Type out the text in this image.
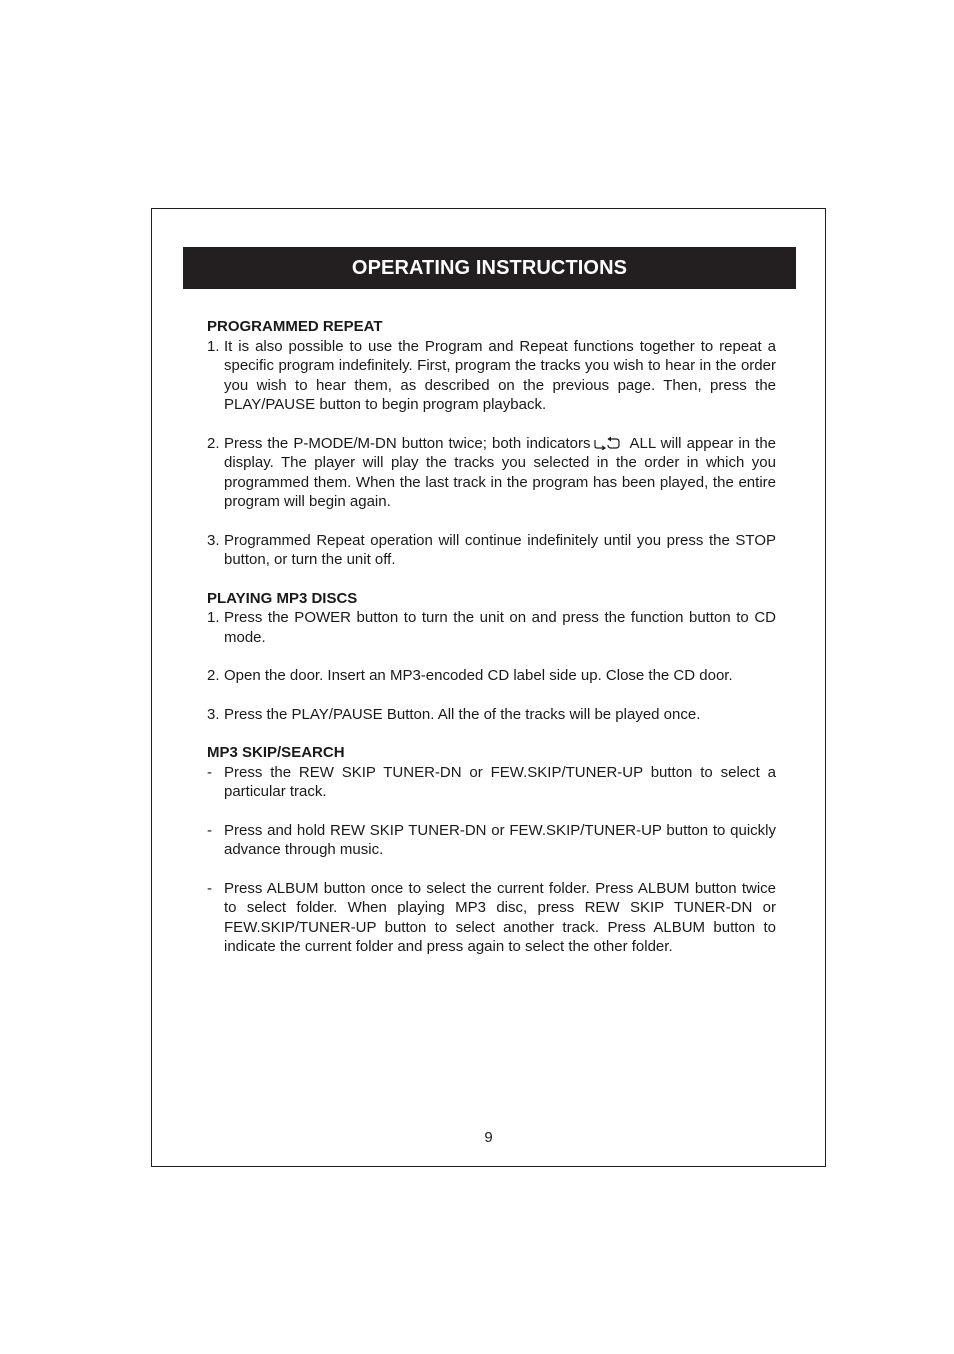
OPERATING INSTRUCTIONS

PROGRAMMED REPEAT

1. It is also possible to use the Program and Repeat functions together to repeat a specific program indefinitely. First, program the tracks you wish to hear in the order you wish to hear them, as described on the previous page. Then, press the PLAY/PAUSE button to begin program playback.
2. Press the P-MODE/M-DN button twice; both indicators	ALL will appear in the display. The player will play the tracks you selected in the order in which you programmed them. When the last track in the program has been played, the entire program will begin again.
3. Programmed Repeat operation will continue indefinitely until you press the STOP button, or turn the unit off.

PLAYING MP3 DISCS

1. Press the POWER button to turn the unit on and press the function button to CD mode.
2. Open the door. Insert an MP3-encoded CD label side up. Close the CD door.
3. Press the PLAY/PAUSE Button. All the of the tracks will be played once.

MP3 SKIP/SEARCH

- Press the REW SKIP TUNER-DN or FEW.SKIP/TUNER-UP button to select a particular track.
- Press and hold REW SKIP TUNER-DN or FEW.SKIP/TUNER-UP button to quickly advance through music.
- Press ALBUM button once to select the current folder. Press ALBUM button twice to select folder. When playing MP3 disc, press REW SKIP TUNER-DN or FEW.SKIP/TUNER-UP button to select another track. Press ALBUM button to indicate the current folder and press again to select the other folder.
9
